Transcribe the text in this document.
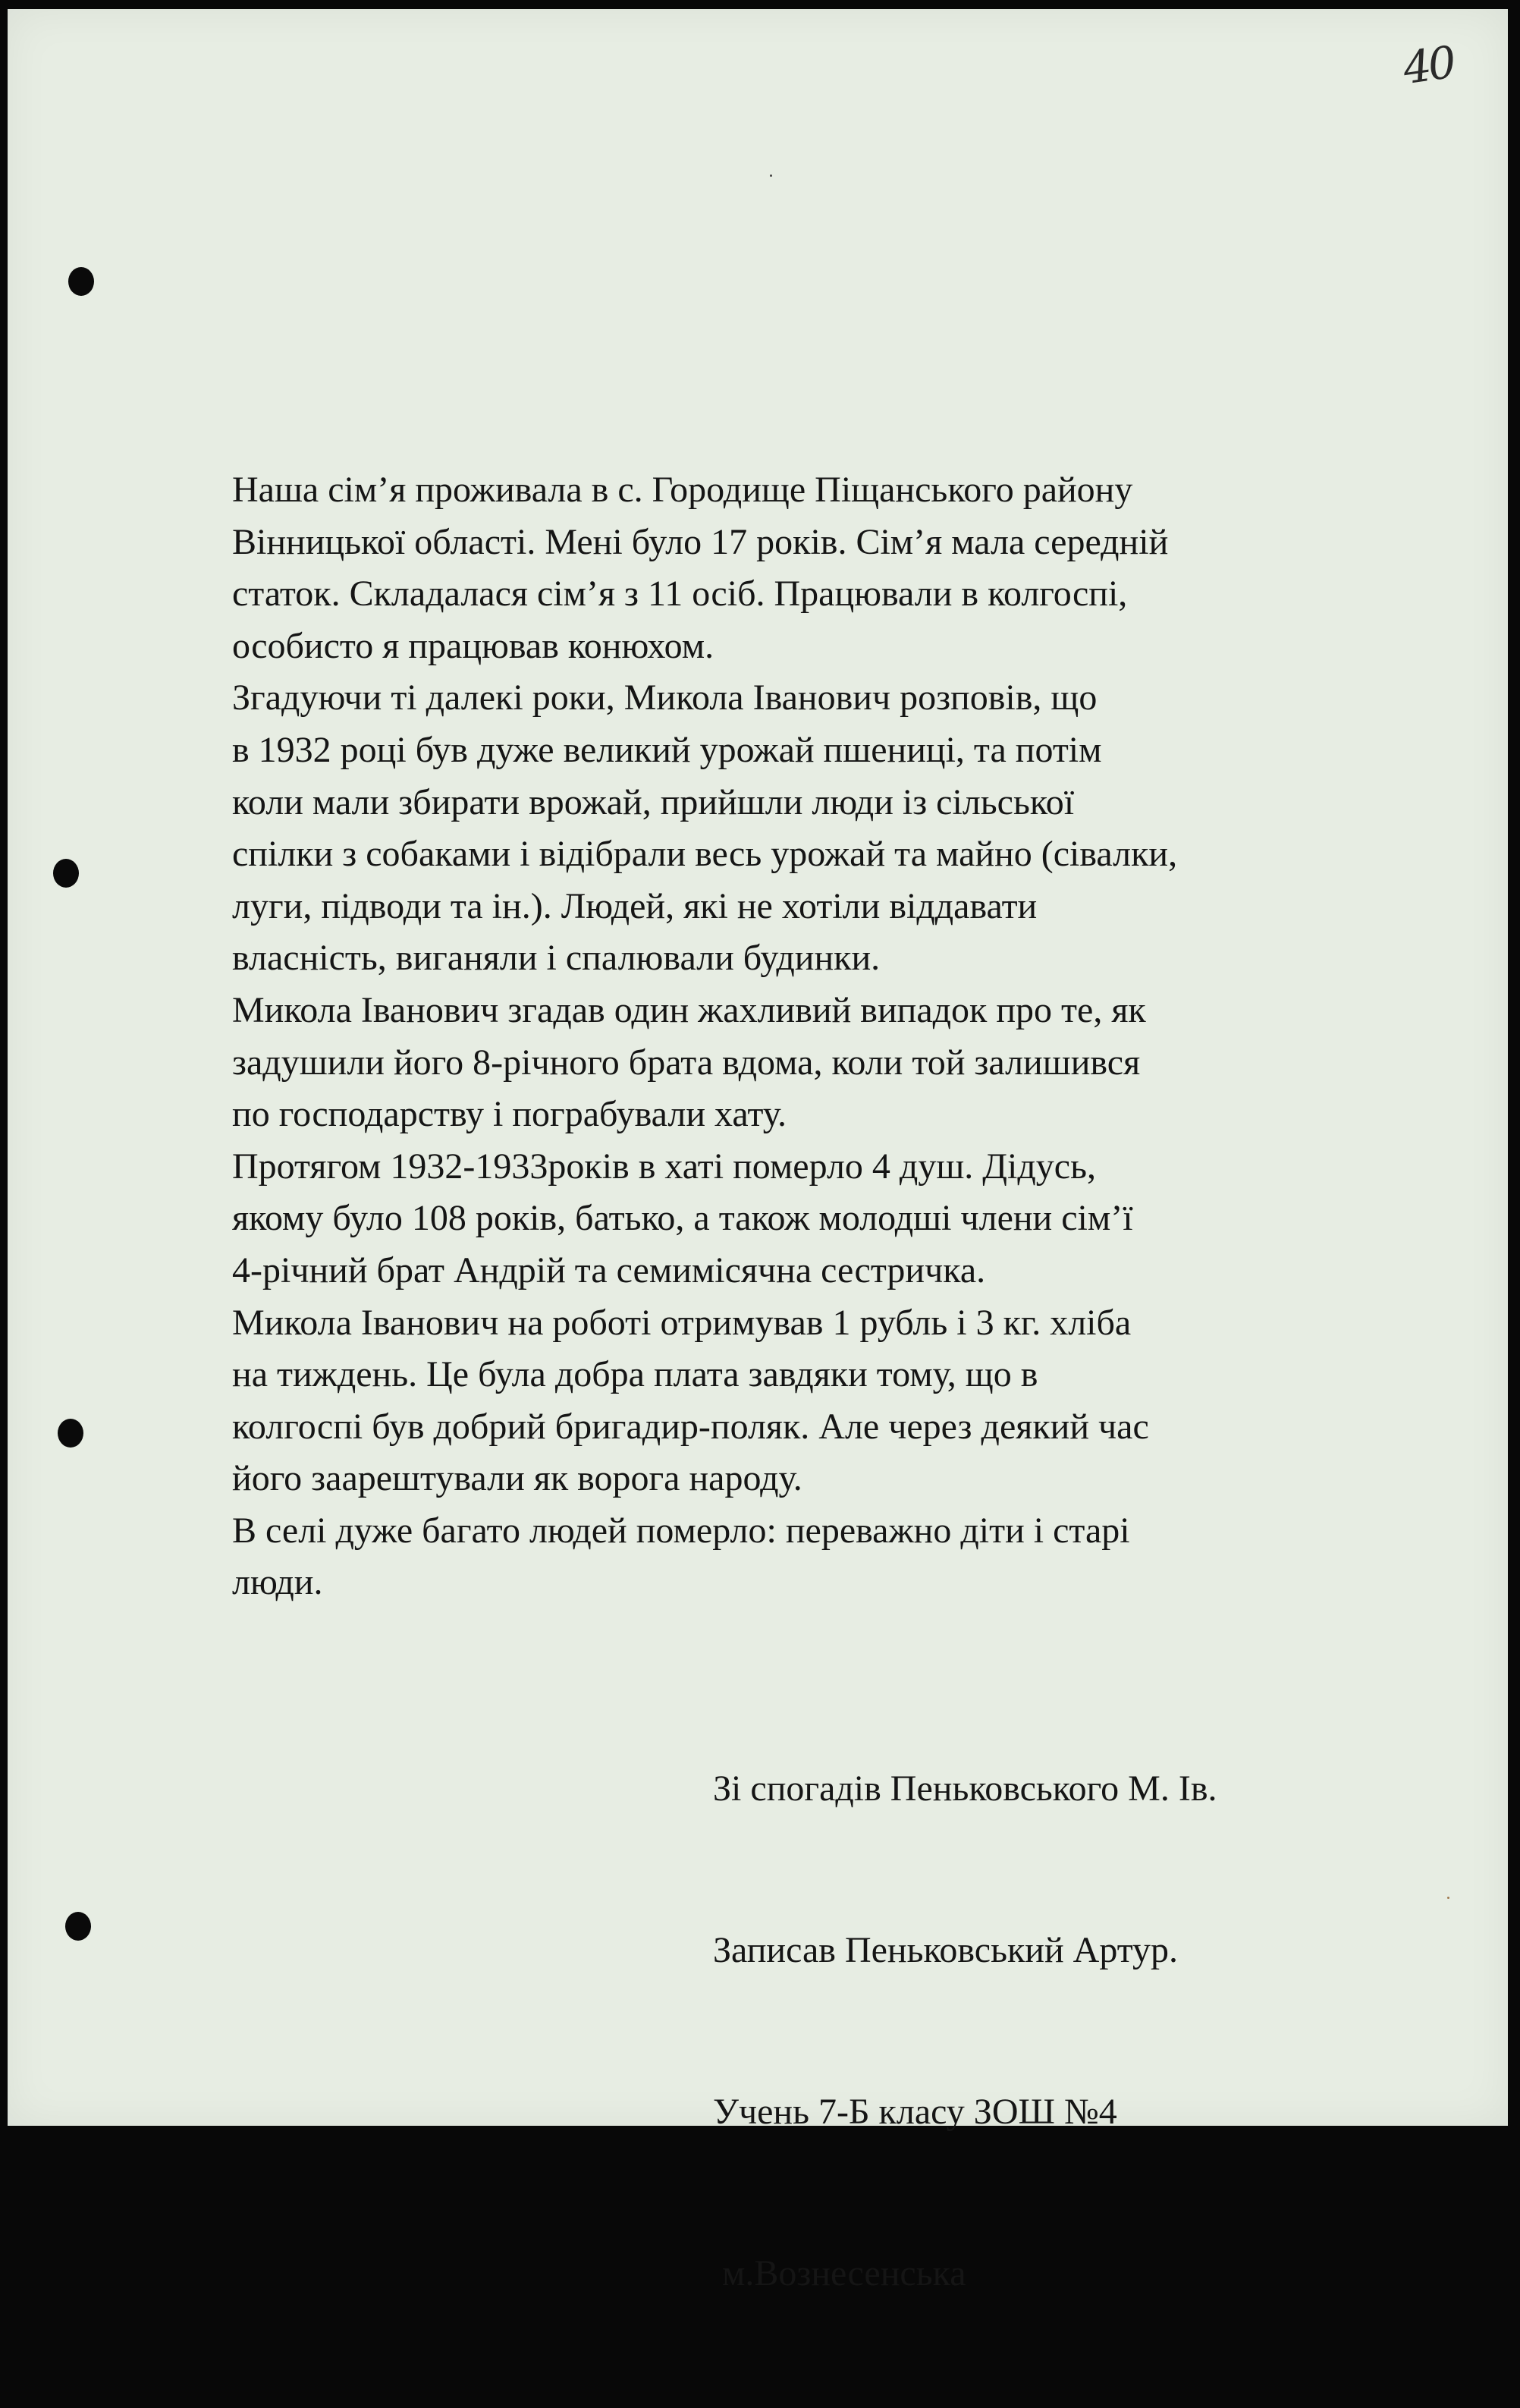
40
Наша сім’я проживала в с. Городище Піщанського району
Вінницької області. Мені було 17 років. Сім’я мала середній
статок. Складалася сім’я з 11 осіб. Працювали в колгоспі,
особисто я працював конюхом.
Згадуючи ті далекі роки, Микола Іванович розповів, що
в 1932 році був дуже великий урожай пшениці, та потім
коли мали збирати врожай, прийшли люди із сільської
спілки з собаками і відібрали весь урожай та майно (сівалки,
луги, підводи та ін.). Людей, які не хотіли віддавати
власність, виганяли і спалювали будинки.
Микола Іванович згадав один жахливий випадок про те, як
задушили його 8-річного брата вдома, коли той залишився
по господарству і пограбували хату.
Протягом 1932-1933років в хаті померло 4 душ. Дідусь,
якому було 108 років, батько, а також молодші члени сім’ї
4-річний брат Андрій та семимісячна сестричка.
Микола Іванович на роботі отримував 1 рубль і 3 кг. хліба
на тиждень. Це була добра плата завдяки тому, що в
колгоспі був добрий бригадир-поляк. Але через деякий час
його заарештували як ворога народу.
В селі дуже багато людей померло: переважно діти і старі
люди.

Зі спогадів Пеньковського М. Ів.

Записав Пеньковський Артур.

Учень 7-Б класу ЗОШ №4

м.Вознесенська
